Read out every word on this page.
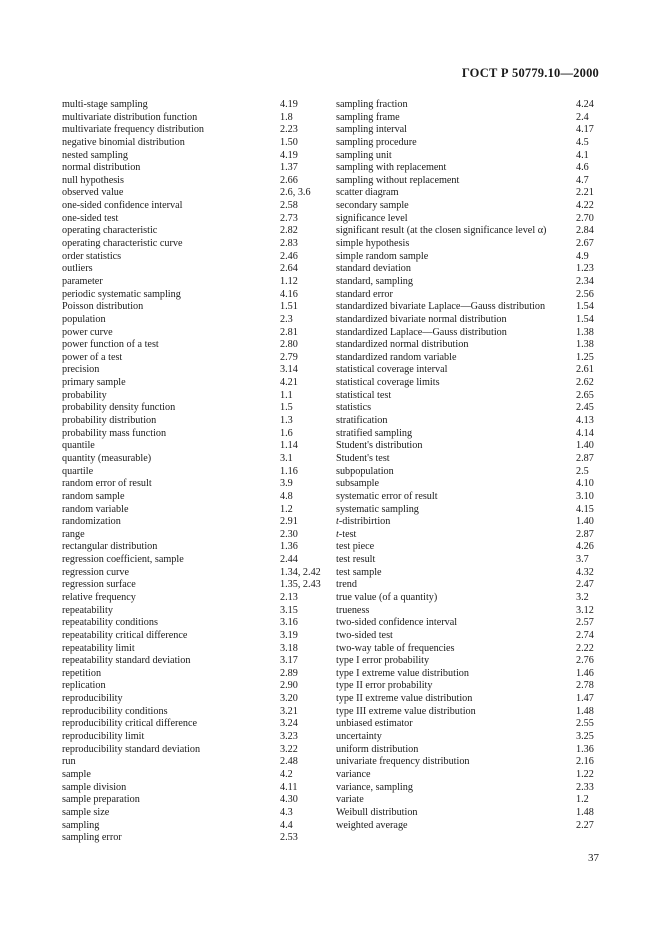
ГОСТ Р 50779.10—2000
multi-stage sampling	4.19
multivariate distribution function	1.8
multivariate frequency distribution	2.23
negative binomial distribution	1.50
nested sampling	4.19
normal distribution	1.37
null hypothesis	2.66
observed value	2.6, 3.6
one-sided confidence interval	2.58
one-sided test	2.73
operating characteristic	2.82
operating characteristic curve	2.83
order statistics	2.46
outliers	2.64
parameter	1.12
periodic systematic sampling	4.16
Poisson distribution	1.51
population	2.3
power curve	2.81
power function of a test	2.80
power of a test	2.79
precision	3.14
primary sample	4.21
probability	1.1
probability density function	1.5
probability distribution	1.3
probability mass function	1.6
quantile	1.14
quantity (measurable)	3.1
quartile	1.16
random error of result	3.9
random sample	4.8
random variable	1.2
randomization	2.91
range	2.30
rectangular distribution	1.36
regression coefficient, sample	2.44
regression curve	1.34, 2.42
regression surface	1.35, 2.43
relative frequency	2.13
repeatability	3.15
repeatability conditions	3.16
repeatability critical difference	3.19
repeatability limit	3.18
repeatability standard deviation	3.17
repetition	2.89
replication	2.90
reproducibility	3.20
reproducibility conditions	3.21
reproducibility critical difference	3.24
reproducibility limit	3.23
reproducibility standard deviation	3.22
run	2.48
sample	4.2
sample division	4.11
sample preparation	4.30
sample size	4.3
sampling	4.4
sampling error	2.53
sampling fraction	4.24
sampling frame	2.4
sampling interval	4.17
sampling procedure	4.5
sampling unit	4.1
sampling with replacement	4.6
sampling without replacement	4.7
scatter diagram	2.21
secondary sample	4.22
significance level	2.70
significant result (at the closen significance level α)	2.84
simple hypothesis	2.67
simple random sample	4.9
standard deviation	1.23
standard, sampling	2.34
standard error	2.56
standardized bivariate Laplace—Gauss distribution	1.54
standardized bivariate normal distribution	1.54
standardized Laplace—Gauss distribution	1.38
standardized normal distribution	1.38
standardized random variable	1.25
statistical coverage interval	2.61
statistical coverage limits	2.62
statistical test	2.65
statistics	2.45
stratification	4.13
stratified sampling	4.14
Student's distribution	1.40
Student's test	2.87
subpopulation	2.5
subsample	4.10
systematic error of result	3.10
systematic sampling	4.15
t-distribirtion	1.40
t-test	2.87
test piece	4.26
test result	3.7
test sample	4.32
trend	2.47
true value (of a quantity)	3.2
trueness	3.12
two-sided confidence interval	2.57
two-sided test	2.74
two-way table of frequencies	2.22
type I error probability	2.76
type I extreme value distribution	1.46
type II error probability	2.78
type II extreme value distribution	1.47
type III extreme value distribution	1.48
unbiased estimator	2.55
uncertainty	3.25
uniform distribution	1.36
univariate frequency distribution	2.16
variance	1.22
variance, sampling	2.33
variate	1.2
Weibull distribution	1.48
weighted average	2.27
37
